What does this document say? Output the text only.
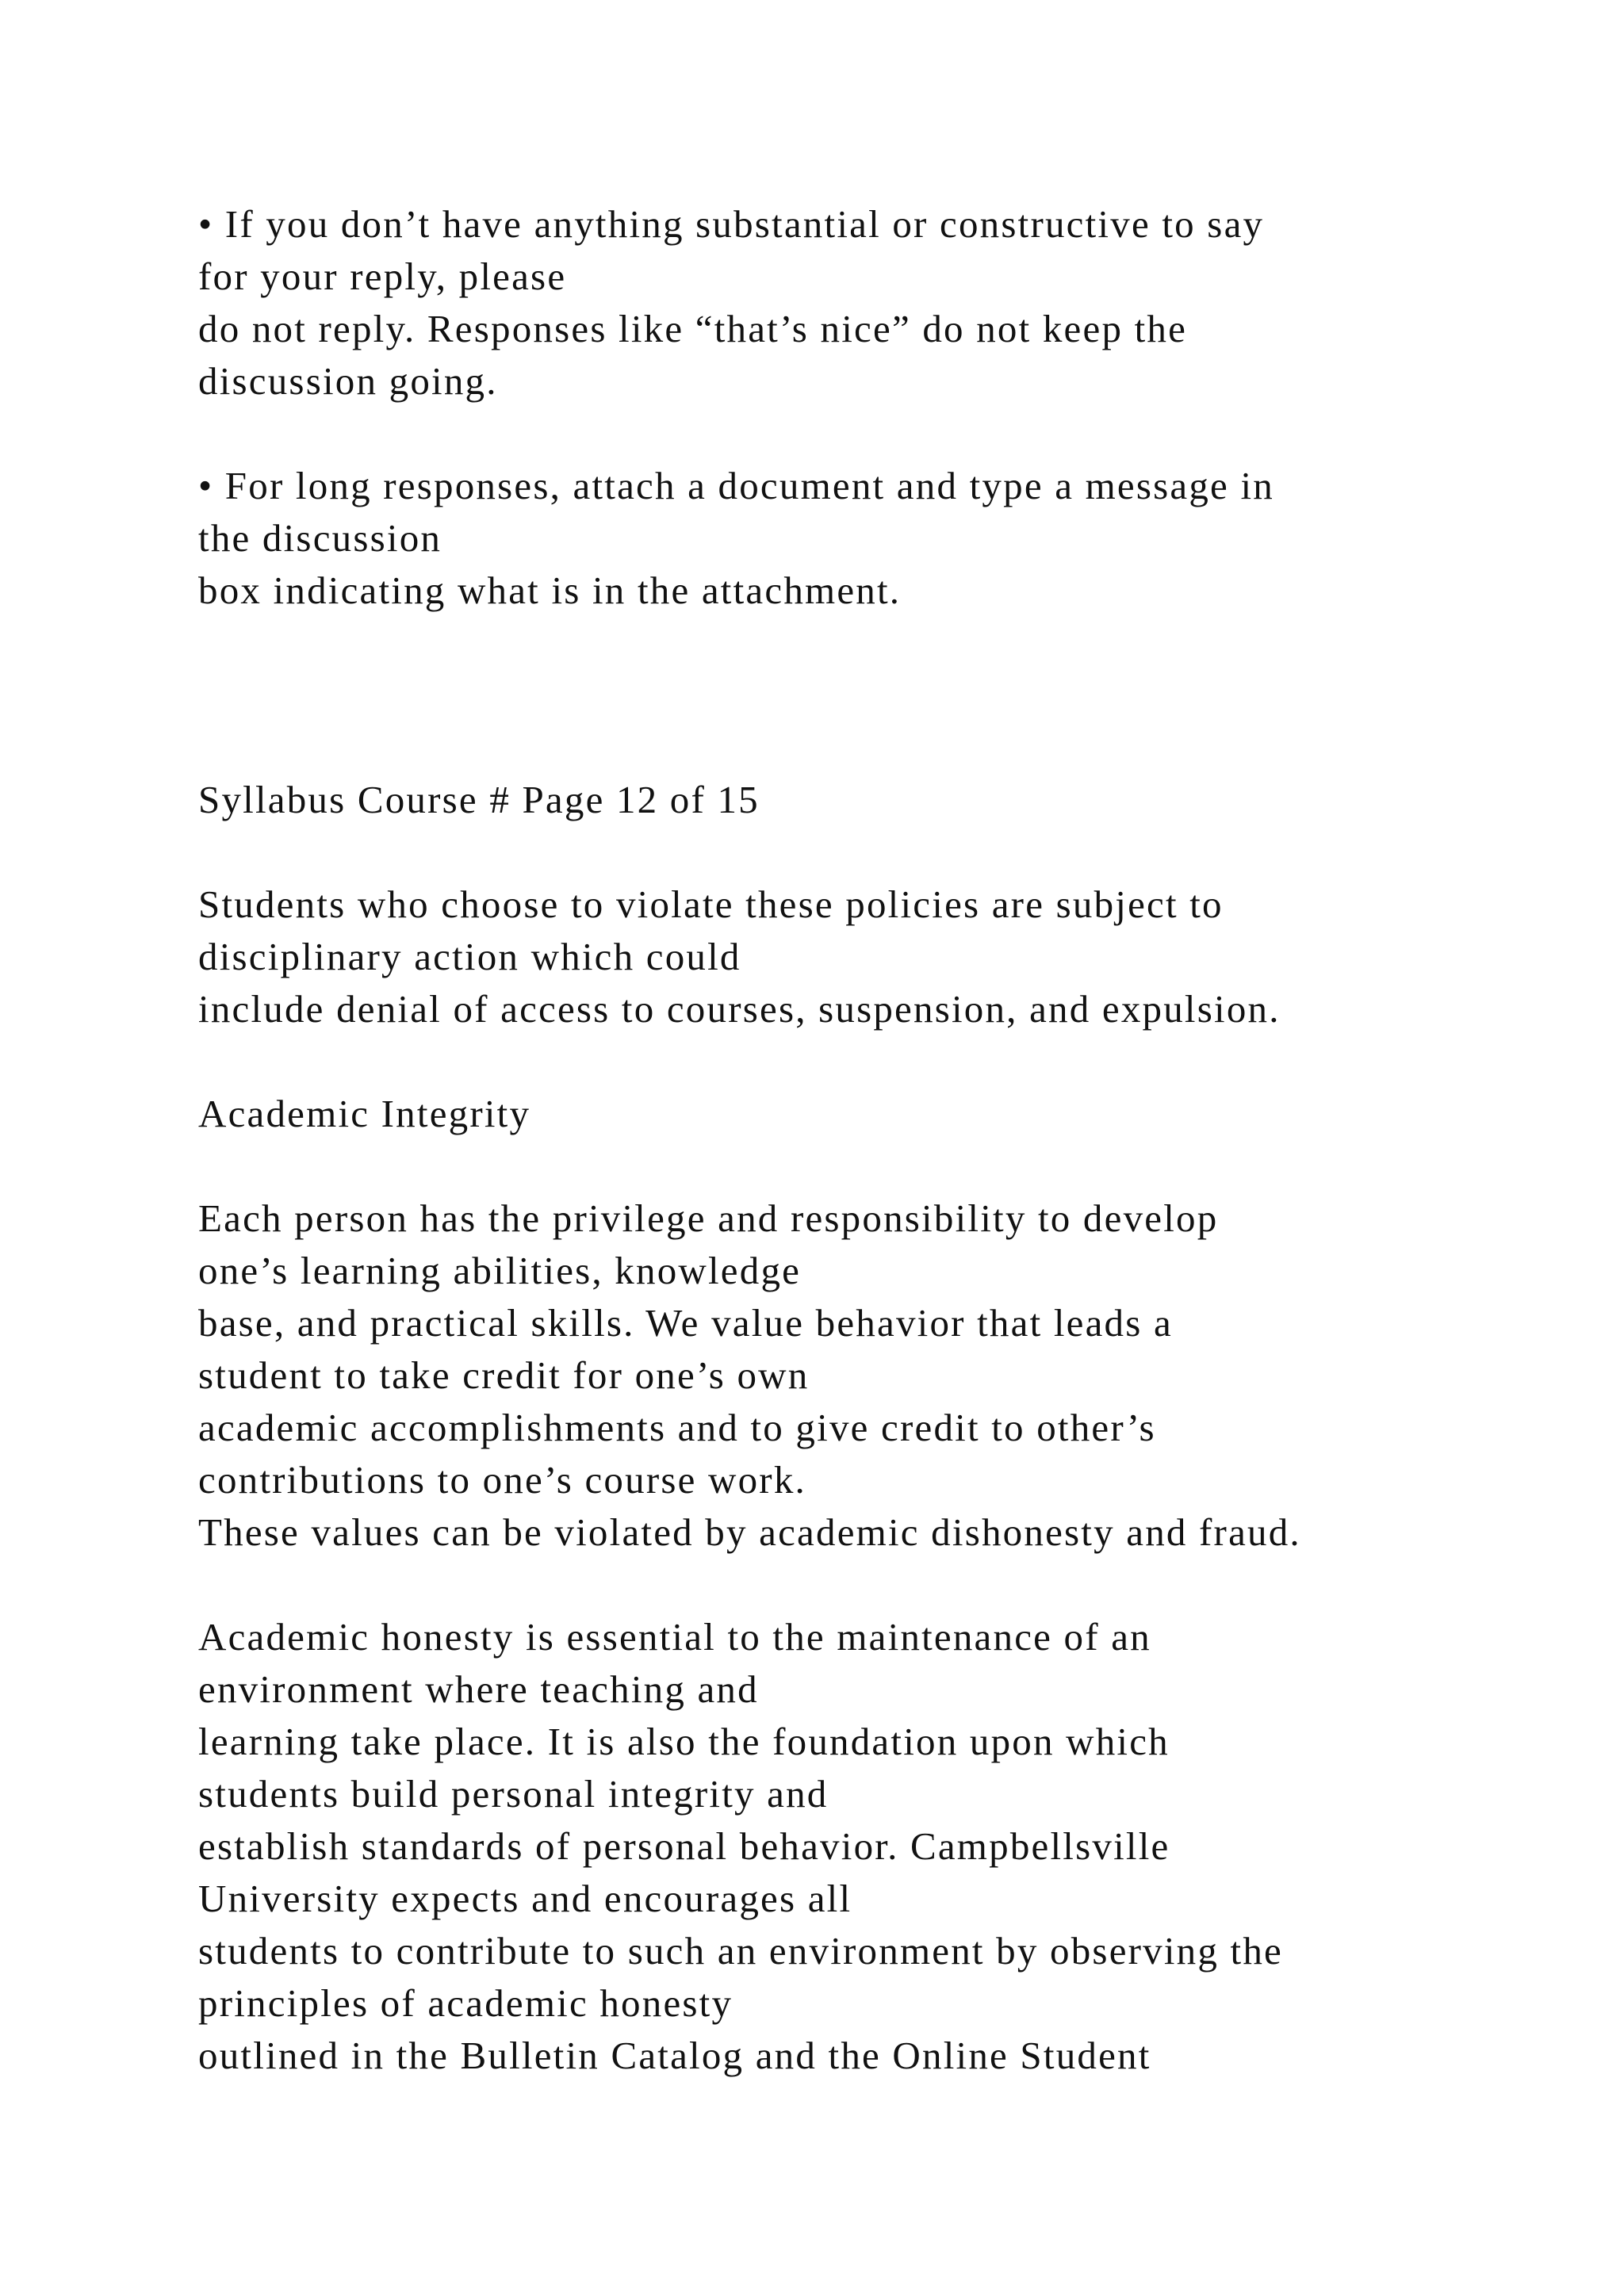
• If you don’t have anything substantial or constructive to say

for your reply, please

do not reply. Responses like “that’s nice” do not keep the

discussion going.

• For long responses, attach a document and type a message in

the discussion

box indicating what is in the attachment.

Syllabus Course # Page 12 of 15

Students who choose to violate these policies are subject to

disciplinary action which could

include denial of access to courses, suspension, and expulsion.

Academic Integrity

Each person has the privilege and responsibility to develop

one’s learning abilities, knowledge

base, and practical skills. We value behavior that leads a

student to take credit for one’s own

academic accomplishments and to give credit to other’s

contributions to one’s course work.

These values can be violated by academic dishonesty and fraud.

Academic honesty is essential to the maintenance of an

environment where teaching and

learning take place. It is also the foundation upon which

students build personal integrity and

establish standards of personal behavior. Campbellsville

University expects and encourages all

students to contribute to such an environment by observing the

principles of academic honesty

outlined in the Bulletin Catalog and the Online Student
